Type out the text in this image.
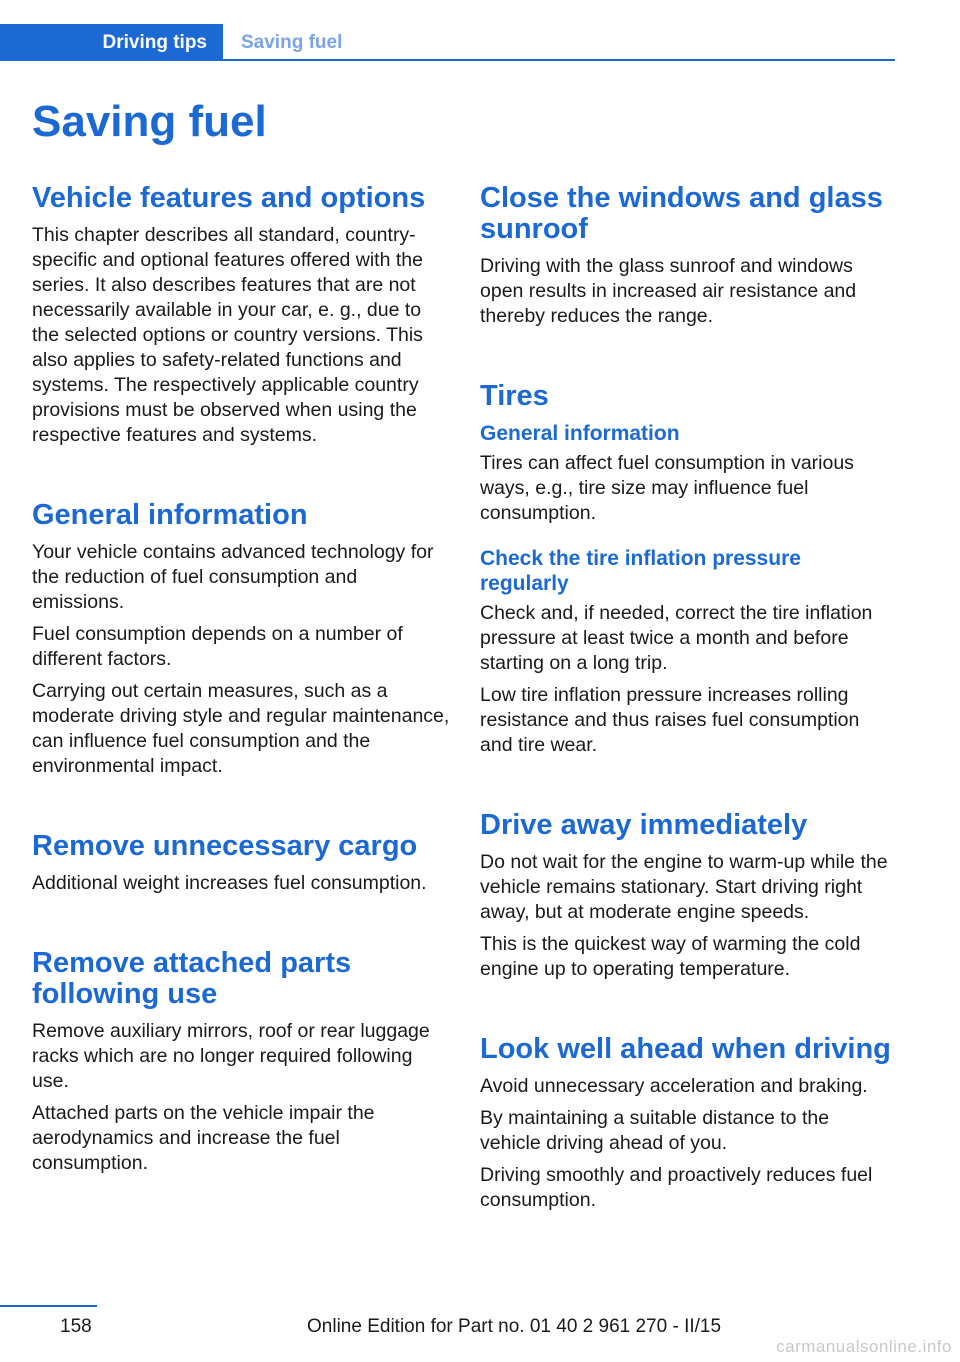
Driving tips	Saving fuel
Saving fuel
Vehicle features and options

This chapter describes all standard, country-specific and optional features offered with the series. It also describes features that are not necessarily available in your car, e. g., due to the selected options or country versions. This also applies to safety-related functions and systems. The respectively applicable country provisions must be observed when using the respective features and systems.

General information

Your vehicle contains advanced technology for the reduction of fuel consumption and emissions.

Fuel consumption depends on a number of different factors.

Carrying out certain measures, such as a moderate driving style and regular maintenance, can influence fuel consumption and the environmental impact.

Remove unnecessary cargo

Additional weight increases fuel consumption.

Remove attached parts following use

Remove auxiliary mirrors, roof or rear luggage racks which are no longer required following use.

Attached parts on the vehicle impair the aerodynamics and increase the fuel consumption.

Close the windows and glass sunroof

Driving with the glass sunroof and windows open results in increased air resistance and thereby reduces the range.

Tires
General information

Tires can affect fuel consumption in various ways, e.g., tire size may influence fuel consumption.

Check the tire inflation pressure regularly

Check and, if needed, correct the tire inflation pressure at least twice a month and before starting on a long trip.

Low tire inflation pressure increases rolling resistance and thus raises fuel consumption and tire wear.

Drive away immediately

Do not wait for the engine to warm-up while the vehicle remains stationary. Start driving right away, but at moderate engine speeds.

This is the quickest way of warming the cold engine up to operating temperature.

Look well ahead when driving

Avoid unnecessary acceleration and braking.

By maintaining a suitable distance to the vehicle driving ahead of you.

Driving smoothly and proactively reduces fuel consumption.

158	Online Edition for Part no. 01 40 2 961 270 - II/15
carmanualsonline.info
